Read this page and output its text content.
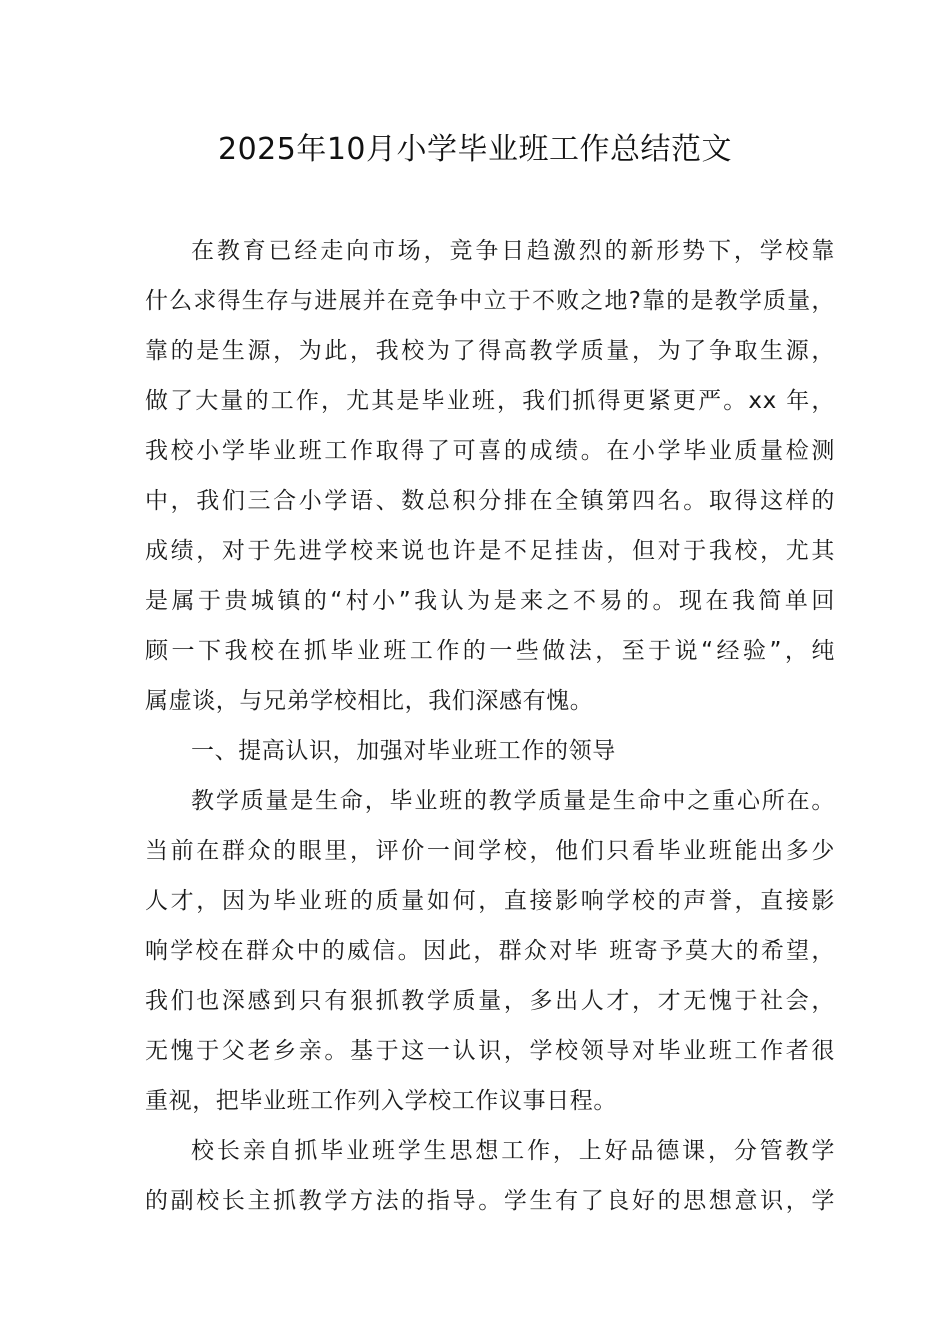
2025年10月小学毕业班工作总结范文
在教育已经走向市场，竞争日趋激烈的新形势下，学校靠
什么求得生存与进展并在竞争中立于不败之地?靠的是教学质量，
靠的是生源，为此，我校为了得高教学质量，为了争取生源，
做了大量的工作，尤其是毕业班，我们抓得更紧更严。xx 年，
我校小学毕业班工作取得了可喜的成绩。在小学毕业质量检测
中，我们三合小学语、数总积分排在全镇第四名。取得这样的
成绩，对于先进学校来说也许是不足挂齿，但对于我校，尤其
是属于贵城镇的“村小”我认为是来之不易的。现在我简单回
顾一下我校在抓毕业班工作的一些做法，至于说“经验”，纯
属虚谈，与兄弟学校相比，我们深感有愧。
一、提高认识，加强对毕业班工作的领导
教学质量是生命，毕业班的教学质量是生命中之重心所在。
当前在群众的眼里，评价一间学校，他们只看毕业班能出多少
人才，因为毕业班的质量如何，直接影响学校的声誉，直接影
响学校在群众中的威信。因此，群众对毕 班寄予莫大的希望，
我们也深感到只有狠抓教学质量，多出人才，才无愧于社会，
无愧于父老乡亲。基于这一认识，学校领导对毕业班工作者很
重视，把毕业班工作列入学校工作议事日程。
校长亲自抓毕业班学生思想工作，上好品德课，分管教学
的副校长主抓教学方法的指导。学生有了良好的思想意识，学
